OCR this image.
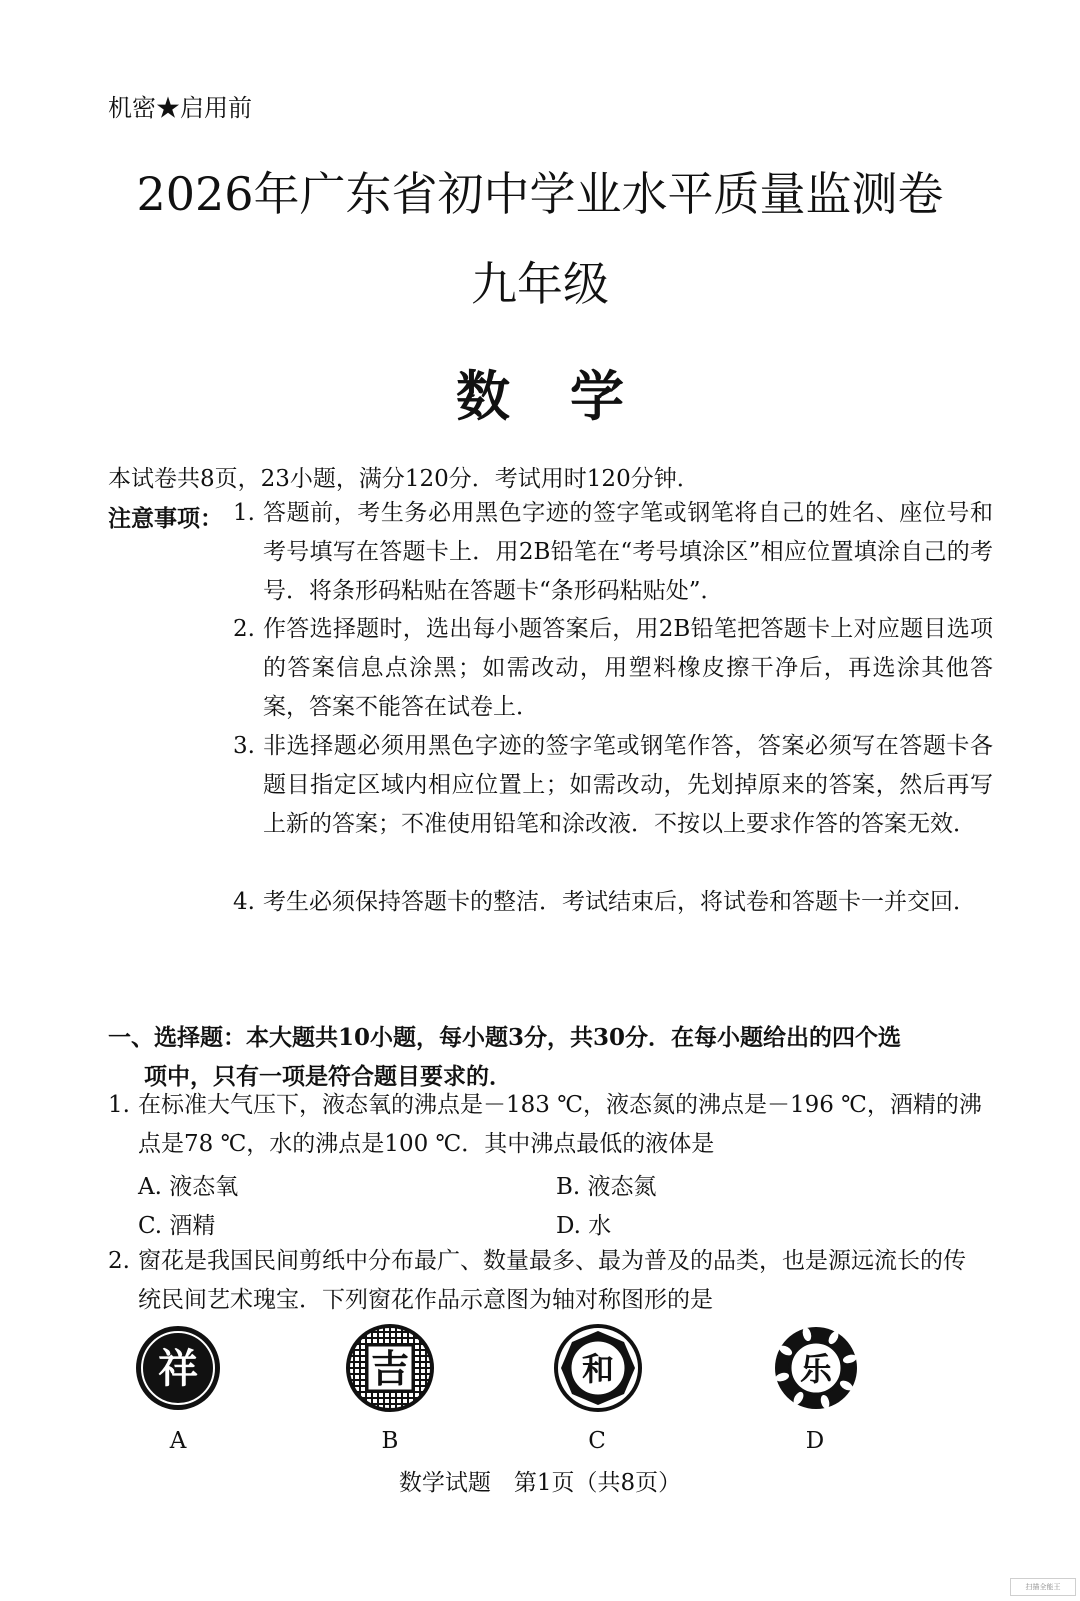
机密★启用前
2026年广东省初中学业水平质量监测卷
九年级
数学
本试卷共8页，23小题，满分120分．考试用时120分钟．
注意事项： 1. 答题前，考生务必用黑色字迹的签字笔或钢笔将自己的姓名、座位号和考号填写在答题卡上．用2B铅笔在“考号填涂区”相应位置填涂自己的考号．将条形码粘贴在答题卡“条形码粘贴处”．
2. 作答选择题时，选出每小题答案后，用2B铅笔把答题卡上对应题目选项的答案信息点涂黑；如需改动，用塑料橡皮擦干净后，再选涂其他答案，答案不能答在试卷上．
3. 非选择题必须用黑色字迹的签字笔或钢笔作答，答案必须写在答题卡各题目指定区域内相应位置上；如需改动，先划掉原来的答案，然后再写上新的答案；不准使用铅笔和涂改液．不按以上要求作答的答案无效．
4. 考生必须保持答题卡的整洁．考试结束后，将试卷和答题卡一并交回．
一、选择题：本大题共10小题，每小题3分，共30分．在每小题给出的四个选
项中，只有一项是符合题目要求的．
1. 在标准大气压下，液态氧的沸点是－183 ℃，液态氮的沸点是－196 ℃，酒精的沸点是78 ℃，水的沸点是100 ℃．其中沸点最低的液体是
A. 液态氧	B. 液态氮
C. 酒精	D. 水
2. 窗花是我国民间剪纸中分布最广、数量最多、最为普及的品类，也是源远流长的传统民间艺术瑰宝．下列窗花作品示意图为轴对称图形的是
祥
A
吉
B
和
C
乐
D
数学试题　第1页（共8页）
扫描全能王
